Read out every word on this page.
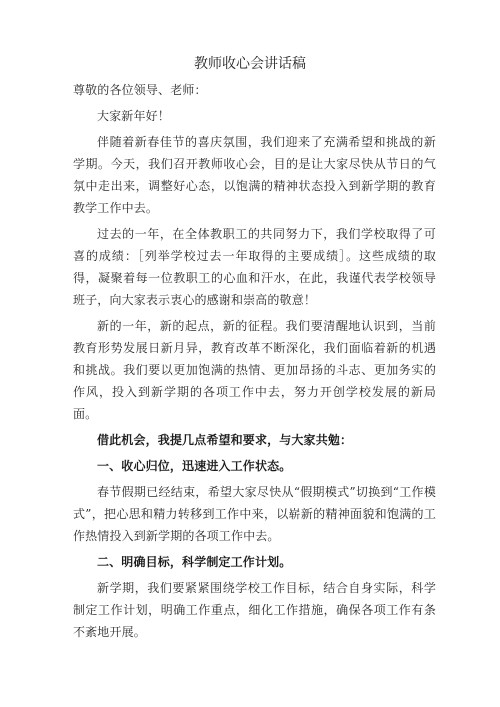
教师收心会讲话稿

尊敬的各位领导、老师：

大家新年好！

伴随着新春佳节的喜庆氛围，我们迎来了充满希望和挑战的新学期。今天，我们召开教师收心会，目的是让大家尽快从节日的气氛中走出来，调整好心态，以饱满的精神状态投入到新学期的教育教学工作中去。

过去的一年，在全体教职工的共同努力下，我们学校取得了可喜的成绩：［列举学校过去一年取得的主要成绩］。这些成绩的取得，凝聚着每一位教职工的心血和汗水，在此，我谨代表学校领导班子，向大家表示衷心的感谢和崇高的敬意！

新的一年，新的起点，新的征程。我们要清醒地认识到，当前教育形势发展日新月异，教育改革不断深化，我们面临着新的机遇和挑战。我们要以更加饱满的热情、更加昂扬的斗志、更加务实的作风，投入到新学期的各项工作中去，努力开创学校发展的新局面。

借此机会，我提几点希望和要求，与大家共勉：

一、收心归位，迅速进入工作状态。

春节假期已经结束，希望大家尽快从“假期模式”切换到“工作模式”，把心思和精力转移到工作中来，以崭新的精神面貌和饱满的工作热情投入到新学期的各项工作中去。

二、明确目标，科学制定工作计划。

新学期，我们要紧紧围绕学校工作目标，结合自身实际，科学制定工作计划，明确工作重点，细化工作措施，确保各项工作有条不紊地开展。
